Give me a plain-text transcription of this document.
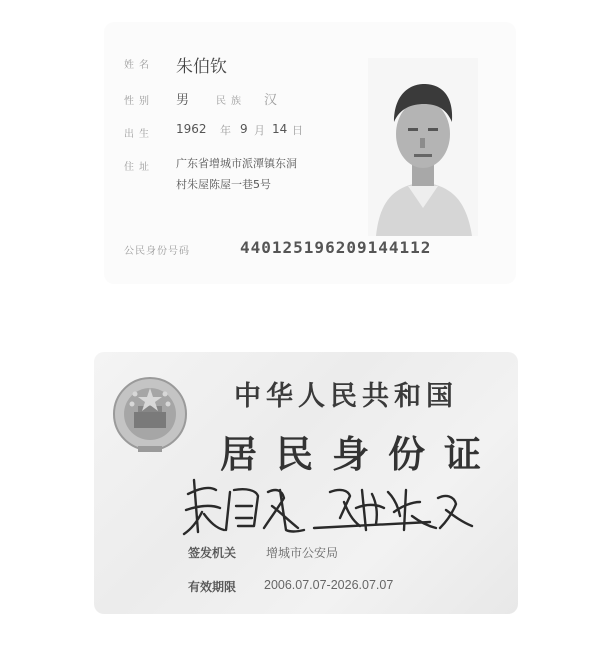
姓名 朱伯钦
性别 男	民族 汉
出生 1962 年 9 月 14 日
住址 广东省增城市派潭镇东洞
村朱屋陈屋一巷5号
公民身份号码	440125196209144112
中华人民共和国
居民身份证
签发机关 增城市公安局
有效期限 2006.07.07-2026.07.07
